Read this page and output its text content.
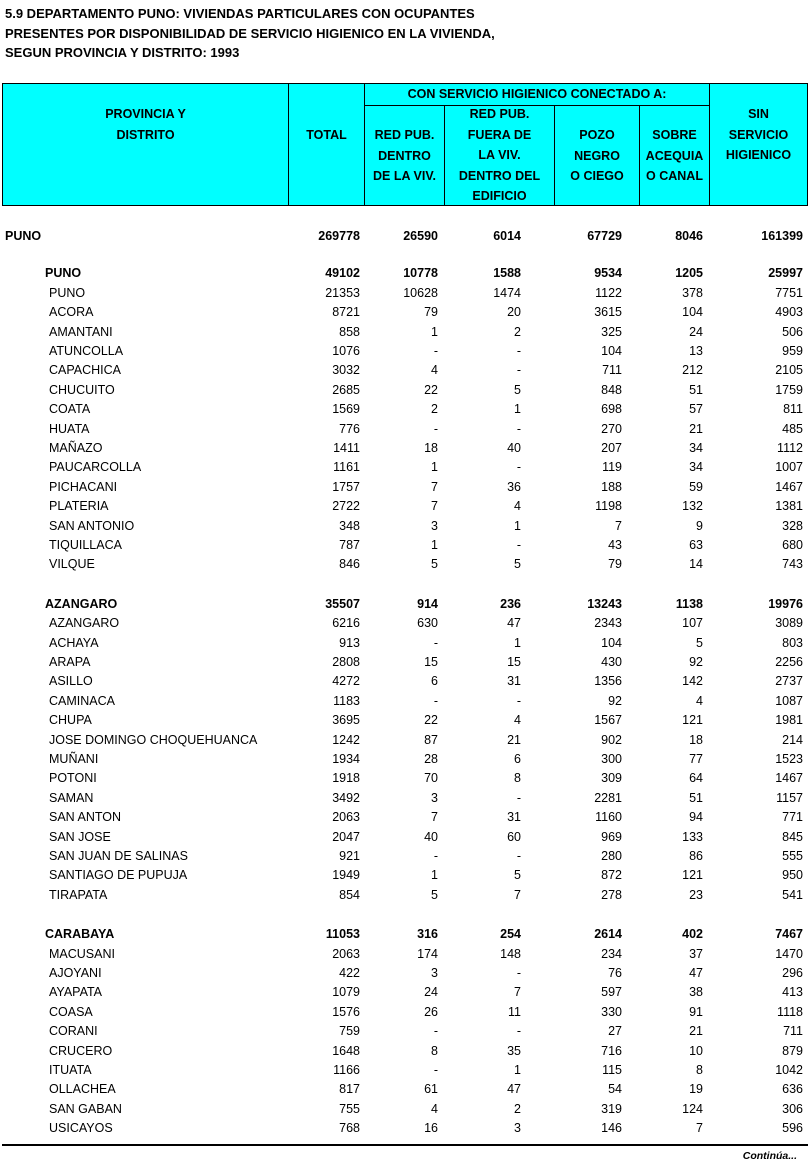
5.9 DEPARTAMENTO PUNO: VIVIENDAS PARTICULARES CON OCUPANTES
PRESENTES POR DISPONIBILIDAD DE SERVICIO HIGIENICO EN LA VIVIENDA,
SEGUN PROVINCIA Y DISTRITO: 1993
PROVINCIA Y
DISTRITO	TOTAL
CON SERVICIO HIGIENICO CONECTADO A:
RED PUB.
DENTRO
DE LA VIV.
RED PUB.
FUERA DE
LA VIV.
DENTRO DEL
EDIFICIO
POZO
NEGRO
O CIEGO
SOBRE
ACEQUIA
O CANAL
SIN
SERVICIO
HIGIENICO
PUNO	269778	26590	6014	67729	8046	161399
PUNO	49102	10778	1588	9534	1205	25997
PUNO	21353	10628	1474	1122	378	7751
ACORA	8721	79	20	3615	104	4903
AMANTANI	858	1	2	325	24	506
ATUNCOLLA	1076	-	-	104	13	959
CAPACHICA	3032	4	-	711	212	2105
CHUCUITO	2685	22	5	848	51	1759
COATA	1569	2	1	698	57	811
HUATA	776	-	-	270	21	485
MAÑAZO	1411	18	40	207	34	1112
PAUCARCOLLA	1161	1	-	119	34	1007
PICHACANI	1757	7	36	188	59	1467
PLATERIA	2722	7	4	1198	132	1381
SAN ANTONIO	348	3	1	7	9	328
TIQUILLACA	787	1	-	43	63	680
VILQUE	846	5	5	79	14	743
AZANGARO	35507	914	236	13243	1138	19976
AZANGARO	6216	630	47	2343	107	3089
ACHAYA	913	-	1	104	5	803
ARAPA	2808	15	15	430	92	2256
ASILLO	4272	6	31	1356	142	2737
CAMINACA	1183	-	-	92	4	1087
CHUPA	3695	22	4	1567	121	1981
JOSE DOMINGO CHOQUEHUANCA	1242	87	21	902	18	214
MUÑANI	1934	28	6	300	77	1523
POTONI	1918	70	8	309	64	1467
SAMAN	3492	3	-	2281	51	1157
SAN ANTON	2063	7	31	1160	94	771
SAN JOSE	2047	40	60	969	133	845
SAN JUAN DE SALINAS	921	-	-	280	86	555
SANTIAGO DE PUPUJA	1949	1	5	872	121	950
TIRAPATA	854	5	7	278	23	541
CARABAYA	11053	316	254	2614	402	7467
MACUSANI	2063	174	148	234	37	1470
AJOYANI	422	3	-	76	47	296
AYAPATA	1079	24	7	597	38	413
COASA	1576	26	11	330	91	1118
CORANI	759	-	-	27	21	711
CRUCERO	1648	8	35	716	10	879
ITUATA	1166	-	1	115	8	1042
OLLACHEA	817	61	47	54	19	636
SAN GABAN	755	4	2	319	124	306
USICAYOS	768	16	3	146	7	596
Continúa...
